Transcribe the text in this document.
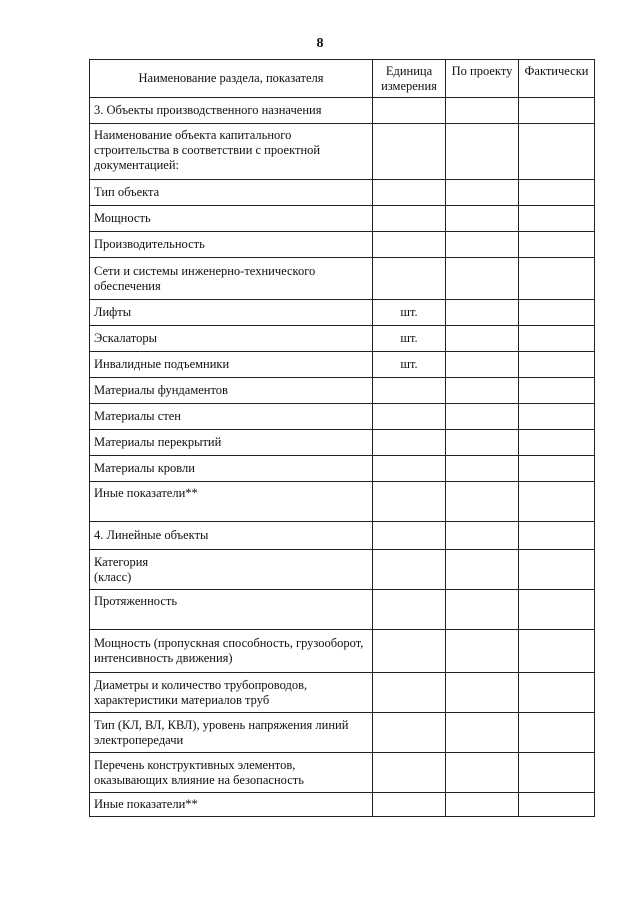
8
Наименование раздела, показателя	Единица измерения	По проекту	Фактически
3. Объекты производственного назначения			
Наименование объекта капитального строительства в соответствии с проектной документацией:			
Тип объекта			
Мощность			
Производительность			
Сети и системы инженерно-технического обеспечения			
Лифты	шт.		
Эскалаторы	шт.		
Инвалидные подъемники	шт.		
Материалы фундаментов			
Материалы стен			
Материалы перекрытий			
Материалы кровли			
Иные показатели**			
4. Линейные объекты			

Категория (класс)			

Протяженность			
Мощность (пропускная способность, грузооборот, интенсивность движения)			
Диаметры и количество трубопроводов, характеристики материалов труб			
Тип (КЛ, ВЛ, КВЛ), уровень напряжения линий электропередачи			
Перечень конструктивных элементов, оказывающих влияние на безопасность			
Иные показатели**			
